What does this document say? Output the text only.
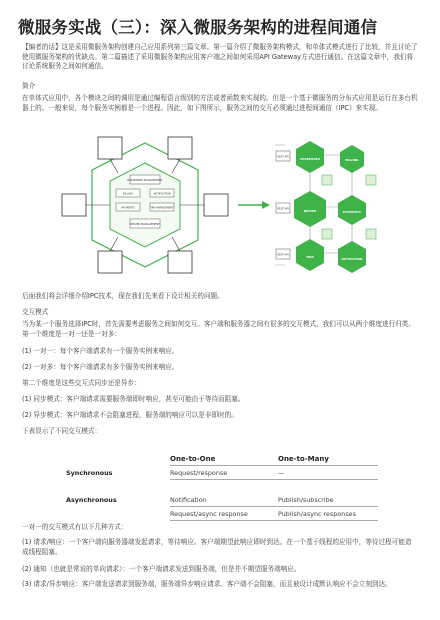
微服务实战（三）：深入微服务架构的进程间通信
【编者的话】这是采用微服务架构创建自己应用系列第三篇文章。第一篇介绍了微服务架构模式，和单体式模式进行了比较，并且讨论了使用微服务架构的优缺点。第二篇描述了采用微服务架构应用客户端之间如何采用API Gateway方式进行通信。在这篇文章中，我们将讨论系统服务之间如何通信。
简介
在单体式应用中，各个模块之间的调用是通过编程语言级别的方法或者函数来实现的。但是一个基于微服务的分布式应用是运行在多台机器上的。一般来说，每个服务实例都是一个进程。因此，如下图所示，服务之间的交互必须通过进程间通信（IPC）来实现。
PASSENGER MANAGEMENT
BILLING	NOTIFICATION
PAYMENTS	TRIP MANAGEMENT
DRIVER MANAGEMENT
PASSENGER	BILLING
DRIVER	PAYMENTS
TRIP
NOTIFICATION
REST API
REST API
REST API
后面我们将会详细介绍IPC技术，现在我们先来看下设计相关的问题。
交互模式
当为某一个服务选择IPC时，首先需要考虑服务之间如何交互。客户端和服务器之间有很多的交互模式，我们可以从两个维度进行归类。第一个维度是一对一还是一对多：
(1) 一对一：每个客户端请求有一个服务实例来响应。
(2) 一对多：每个客户端请求有多个服务实例来响应。
第二个维度是这些交互式同步还是异步：
(1) 同步模式：客户端请求需要服务端即时响应，甚至可能由于等待而阻塞。
(2) 异步模式：客户端请求不会阻塞进程，服务端的响应可以是非即时的。
下表显示了不同交互模式：
	One-to-One	One-to-Many
Synchronous	Request/response	—

Asynchronous	Notification	Publish/subscribe
	Request/async response	Publish/async responses
一对一的交互模式有以下几种方式：
(1) 请求/响应：一个客户端向服务器端发起请求，等待响应。客户端期望此响应即时到达。在一个基于线程的应用中，等待过程可能造成线程阻塞。
(2) 通知（也就是常说的单向请求）：一个客户端请求发送到服务端，但是并不期望服务端响应。
(3) 请求/异步响应：客户端发送请求到服务端，服务端异步响应请求。客户端不会阻塞，而且被设计成默认响应不会立刻到达。
